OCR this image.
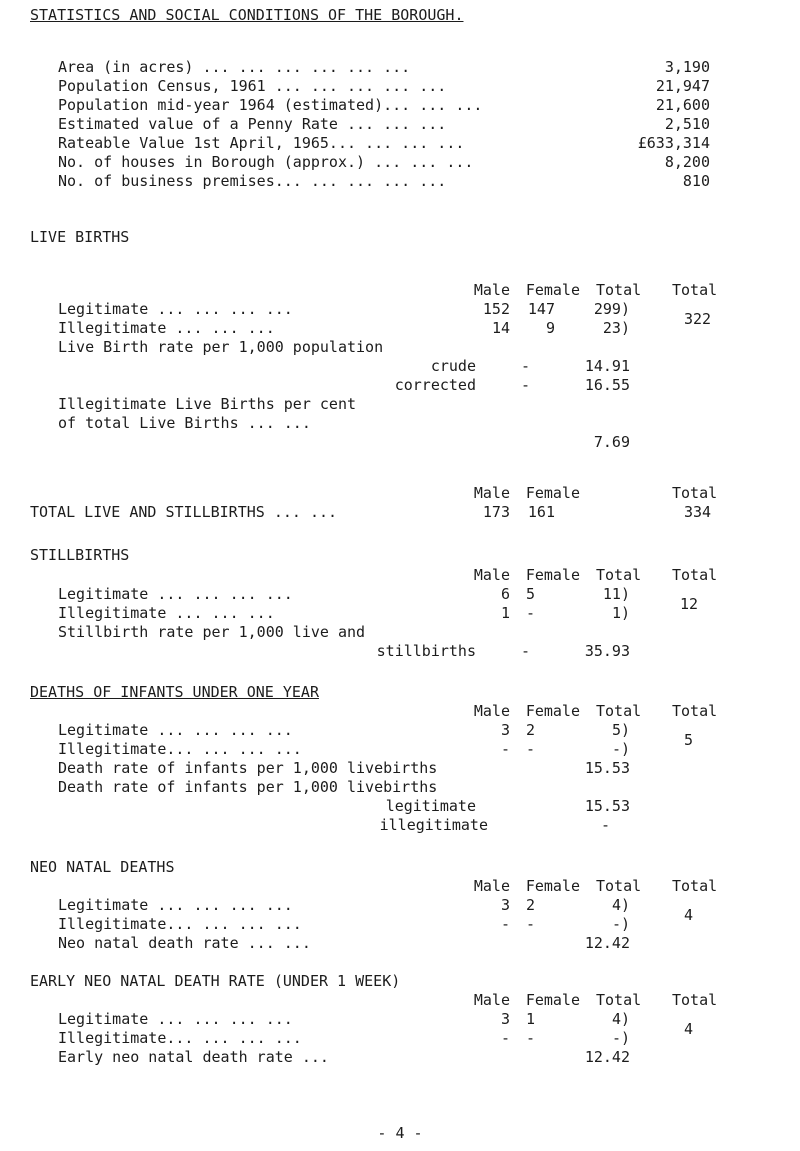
STATISTICS AND SOCIAL CONDITIONS OF THE BOROUGH.
Area (in acres) ... ... ... ... ... ...	3,190
Population Census, 1961 ... ... ... ... ...	21,947
Population mid-year 1964 (estimated)... ... ...	21,600
Estimated value of a Penny Rate ... ... ...	2,510
Rateable Value 1st April, 1965... ... ... ...	£633,314
No. of houses in Borough (approx.) ... ... ...	8,200
No. of business premises... ... ... ... ...	810
LIVE BIRTHS
Male	Female Total Total
Legitimate ... ... ... ...	152	147	299)
Illegitimate ... ... ...	14	9	23)	322
Live Birth rate per 1,000 population
crude	-	14.91
corrected	-	16.55
Illegitimate Live Births per cent
of total Live Births ... ...
7.69
Male	Female	Total
TOTAL LIVE AND STILLBIRTHS ... ...	173	161	334
STILLBIRTHS
Male	Female Total Total
Legitimate ... ... ... ...	6	5	11)
Illegitimate ... ... ...	1	-	1)	12
Stillbirth rate per 1,000 live and
stillbirths	-	35.93
DEATHS OF INFANTS UNDER ONE YEAR
Male	Female Total Total
Legitimate ... ... ... ...	3	2	5)
Illegitimate... ... ... ...	-	-	-)	5
Death rate of infants per 1,000 livebirths	15.53
Death rate of infants per 1,000 livebirths
legitimate	15.53
illegitimate	-
NEO NATAL DEATHS
Male	Female Total Total
Legitimate ... ... ... ...	3	2	4)
Illegitimate... ... ... ...	-	-	-)	4
Neo natal death rate ... ...	12.42
EARLY NEO NATAL DEATH RATE (UNDER 1 WEEK)
Male	Female Total Total
Legitimate ... ... ... ...	3	1	4)
Illegitimate... ... ... ...	-	-	-)	4
Early neo natal death rate ...	12.42
- 4 -
